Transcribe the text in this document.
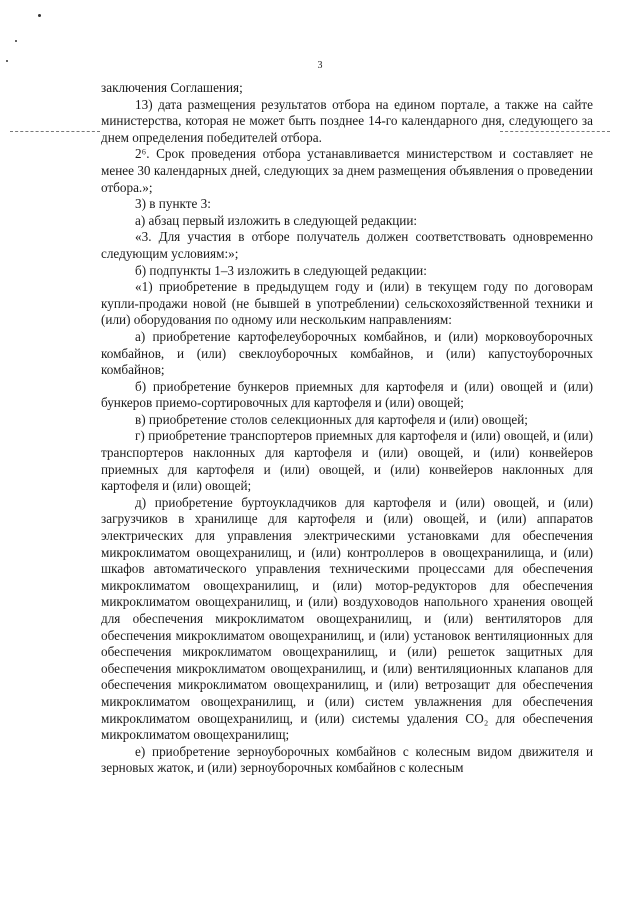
3

заключения Соглашения;

13) дата размещения результатов отбора на едином портале, а также на сайте министерства, которая не может быть позднее 14-го календарного дня, следующего за днем определения победителей отбора.

2⁶. Срок проведения отбора устанавливается министерством и составляет не менее 30 календарных дней, следующих за днем размещения объявления о проведении отбора.»;

3) в пункте 3:

а) абзац первый изложить в следующей редакции:

«3. Для участия в отборе получатель должен соответствовать одновременно следующим условиям:»;

б) подпункты 1–3 изложить в следующей редакции:

«1) приобретение в предыдущем году и (или) в текущем году по договорам купли-продажи новой (не бывшей в употреблении) сельскохозяйственной техники и (или) оборудования по одному или нескольким направлениям:

а) приобретение картофелеуборочных комбайнов, и (или) морковоуборочных комбайнов, и (или) свеклоуборочных комбайнов, и (или) капустоуборочных комбайнов;

б) приобретение бункеров приемных для картофеля и (или) овощей и (или) бункеров приемо-сортировочных для картофеля и (или) овощей;

в) приобретение столов селекционных для картофеля и (или) овощей;

г) приобретение транспортеров приемных для картофеля и (или) овощей, и (или) транспортеров наклонных для картофеля и (или) овощей, и (или) конвейеров приемных для картофеля и (или) овощей, и (или) конвейеров наклонных для картофеля и (или) овощей;

д) приобретение буртоукладчиков для картофеля и (или) овощей, и (или) загрузчиков в хранилище для картофеля и (или) овощей, и (или) аппаратов электрических для управления электрическими установками для обеспечения микроклиматом овощехранилищ, и (или) контроллеров в овощехранилища, и (или) шкафов автоматического управления техническими процессами для обеспечения микроклиматом овощехранилищ, и (или) мотор-редукторов для обеспечения микроклиматом овощехранилищ, и (или) воздуховодов напольного хранения овощей для обеспечения микроклиматом овощехранилищ, и (или) вентиляторов для обеспечения микроклиматом овощехранилищ, и (или) установок вентиляционных для обеспечения микроклиматом овощехранилищ, и (или) решеток защитных для обеспечения микроклиматом овощехранилищ, и (или) вентиляционных клапанов для обеспечения микроклиматом овощехранилищ, и (или) ветрозащит для обеспечения микроклиматом овощехранилищ, и (или) систем увлажнения для обеспечения микроклиматом овощехранилищ, и (или) системы удаления CO₂ для обеспечения микроклиматом овощехранилищ;

е) приобретение зерноуборочных комбайнов с колесным видом движителя и зерновых жаток, и (или) зерноуборочных комбайнов с колесным
